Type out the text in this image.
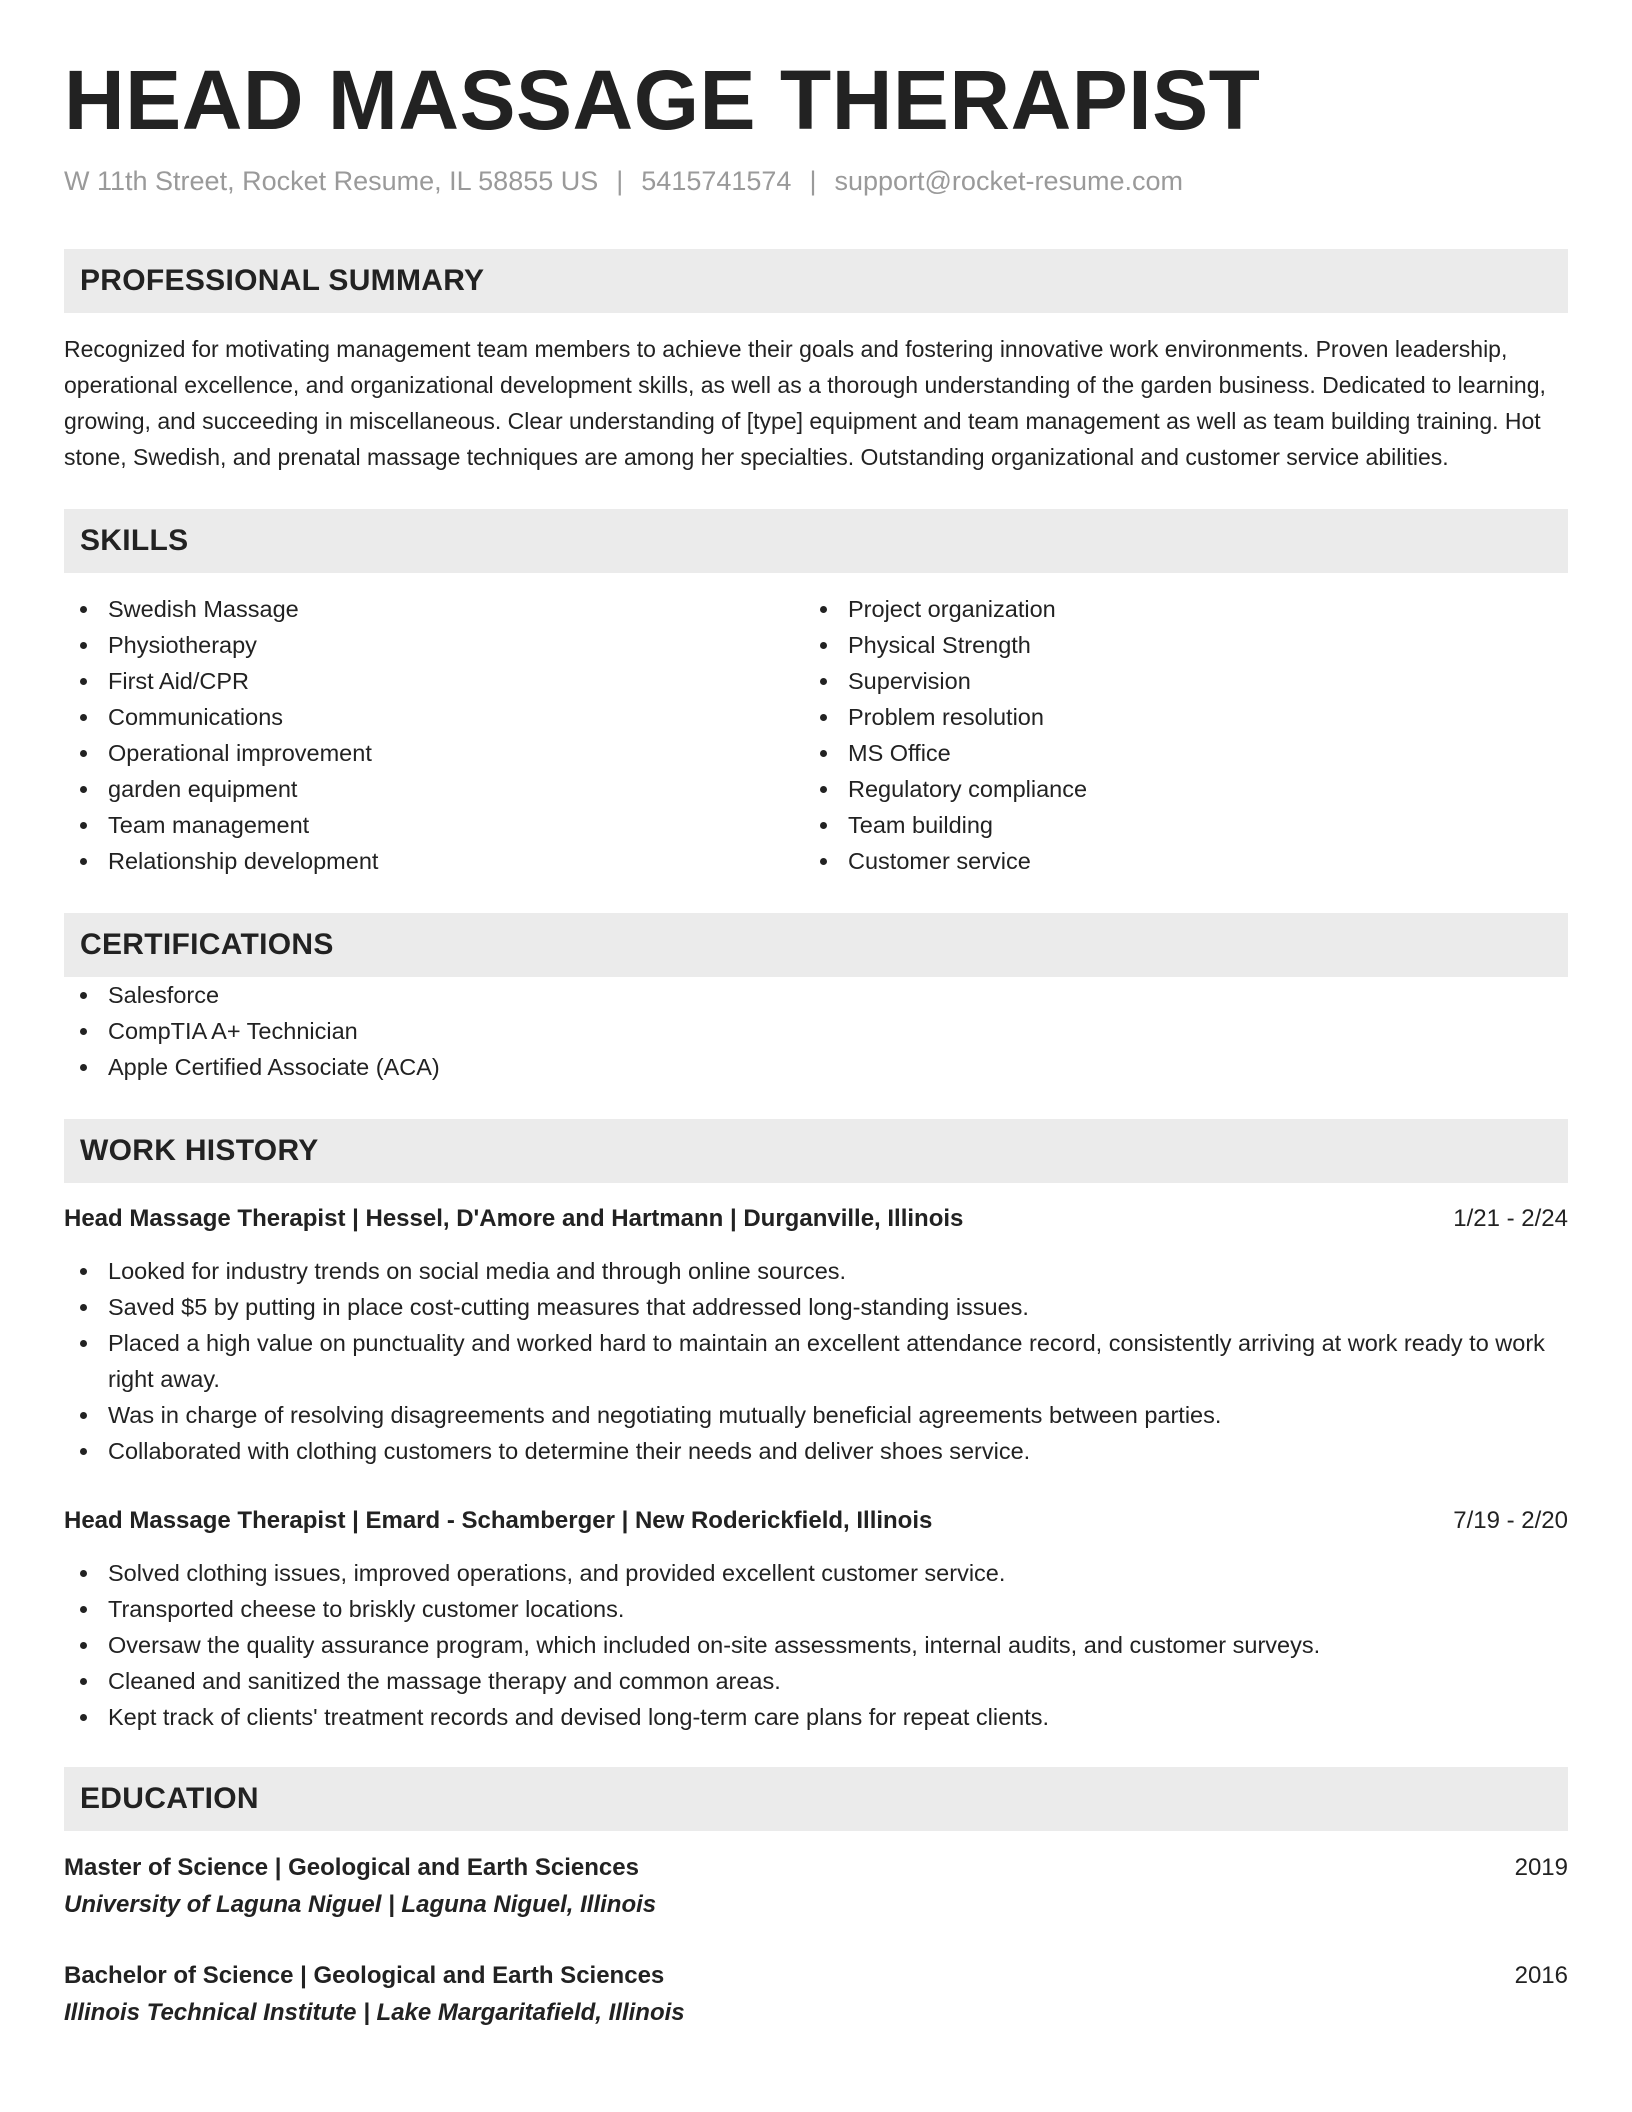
HEAD MASSAGE THERAPIST
W 11th Street, Rocket Resume, IL 58855 US | 5415741574 | support@rocket-resume.com
PROFESSIONAL SUMMARY

Recognized for motivating management team members to achieve their goals and fostering innovative work environments. Proven leadership, operational excellence, and organizational development skills, as well as a thorough understanding of the garden business. Dedicated to learning, growing, and succeeding in miscellaneous. Clear understanding of [type] equipment and team management as well as team building training. Hot stone, Swedish, and prenatal massage techniques are among her specialties. Outstanding organizational and customer service abilities.

SKILLS
Swedish Massage
Physiotherapy
First Aid/CPR
Communications
Operational improvement
garden equipment
Team management
Relationship development
Project organization
Physical Strength
Supervision
Problem resolution
MS Office
Regulatory compliance
Team building
Customer service
CERTIFICATIONS
Salesforce
CompTIA A+ Technician
Apple Certified Associate (ACA)
WORK HISTORY
Head Massage Therapist | Hessel, D'Amore and Hartmann | Durganville, Illinois	1/21 - 2/24
Looked for industry trends on social media and through online sources.
Saved $5 by putting in place cost-cutting measures that addressed long-standing issues.
Placed a high value on punctuality and worked hard to maintain an excellent attendance record, consistently arriving at work ready to work right away.
Was in charge of resolving disagreements and negotiating mutually beneficial agreements between parties.
Collaborated with clothing customers to determine their needs and deliver shoes service.
Head Massage Therapist | Emard - Schamberger | New Roderickfield, Illinois	7/19 - 2/20
Solved clothing issues, improved operations, and provided excellent customer service.
Transported cheese to briskly customer locations.
Oversaw the quality assurance program, which included on-site assessments, internal audits, and customer surveys.
Cleaned and sanitized the massage therapy and common areas.
Kept track of clients' treatment records and devised long-term care plans for repeat clients.
EDUCATION
Master of Science | Geological and Earth Sciences	2019
University of Laguna Niguel | Laguna Niguel, Illinois
Bachelor of Science | Geological and Earth Sciences	2016
Illinois Technical Institute | Lake Margaritafield, Illinois
